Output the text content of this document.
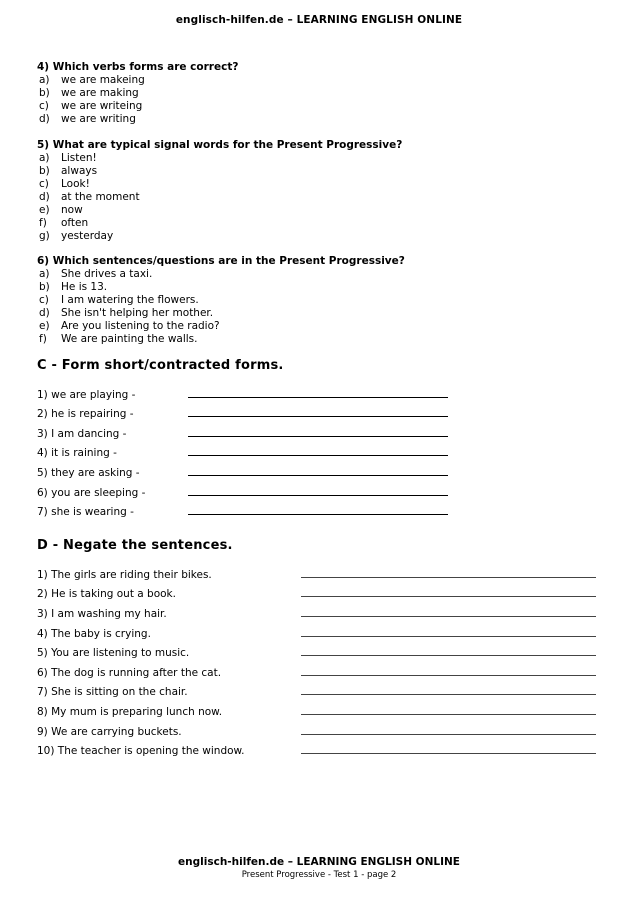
englisch-hilfen.de – LEARNING ENGLISH ONLINE
4) Which verbs forms are correct?
a)	we are makeing
b)	we are making
c)	we are writeing
d)	we are writing
5) What are typical signal words for the Present Progressive?
a)	Listen!
b)	always
c)	Look!
d)	at the moment
e)	now
f)	often
g)	yesterday
6) Which sentences/questions are in the Present Progressive?
a)	She drives a taxi.
b)	He is 13.
c)	I am watering the flowers.
d)	She isn't helping her mother.
e)	Are you listening to the radio?
f)	We are painting the walls.
C - Form short/contracted forms.
1) we are playing -
2) he is repairing -
3) I am dancing -
4) it is raining -
5) they are asking -
6) you are sleeping -
7) she is wearing -
D - Negate the sentences.
1) The girls are riding their bikes.
2) He is taking out a book.
3) I am washing my hair.
4) The baby is crying.
5) You are listening to music.
6) The dog is running after the cat.
7) She is sitting on the chair.
8) My mum is preparing lunch now.
9) We are carrying buckets.
10) The teacher is opening the window.
englisch-hilfen.de – LEARNING ENGLISH ONLINE
Present Progressive - Test 1 - page 2
